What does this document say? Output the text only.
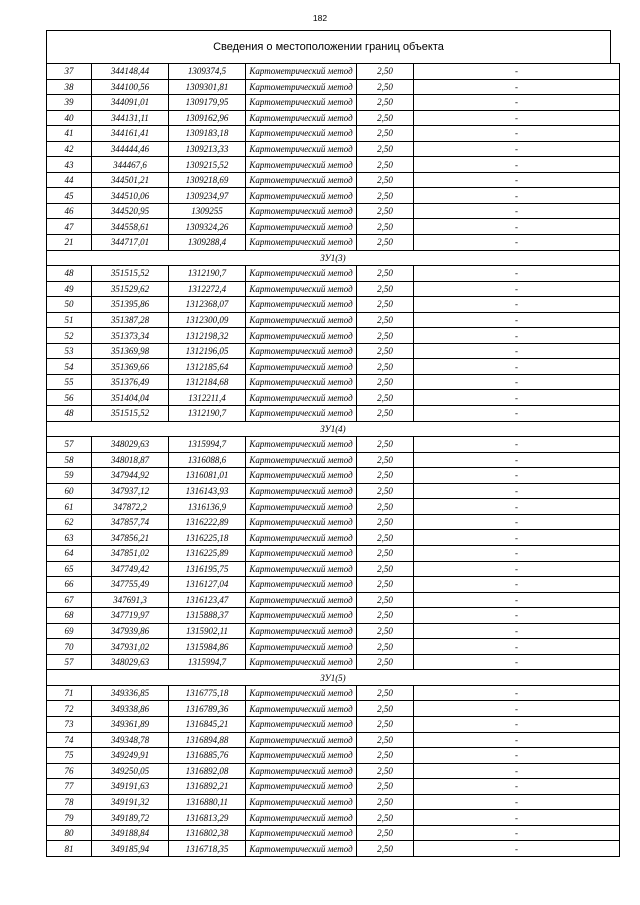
182
Сведения о местоположении границ объекта
37	344148,44	1309374,5	Картометрический метод	2,50	-
38	344100,56	1309301,81	Картометрический метод	2,50	-
39	344091,01	1309179,95	Картометрический метод	2,50	-
40	344131,11	1309162,96	Картометрический метод	2,50	-
41	344161,41	1309183,18	Картометрический метод	2,50	-
42	344444,46	1309213,33	Картометрический метод	2,50	-
43	344467,6	1309215,52	Картометрический метод	2,50	-
44	344501,21	1309218,69	Картометрический метод	2,50	-
45	344510,06	1309234,97	Картометрический метод	2,50	-
46	344520,95	1309255	Картометрический метод	2,50	-
47	344558,61	1309324,26	Картометрический метод	2,50	-
21	344717,01	1309288,4	Картометрический метод	2,50	-
ЗУ1(3)					
48	351515,52	1312190,7	Картометрический метод	2,50	-
49	351529,62	1312272,4	Картометрический метод	2,50	-
50	351395,86	1312368,07	Картометрический метод	2,50	-
51	351387,28	1312300,09	Картометрический метод	2,50	-
52	351373,34	1312198,32	Картометрический метод	2,50	-
53	351369,98	1312196,05	Картометрический метод	2,50	-
54	351369,66	1312185,64	Картометрический метод	2,50	-
55	351376,49	1312184,68	Картометрический метод	2,50	-
56	351404,04	1312211,4	Картометрический метод	2,50	-
48	351515,52	1312190,7	Картометрический метод	2,50	-
ЗУ1(4)					
57	348029,63	1315994,7	Картометрический метод	2,50	-
58	348018,87	1316088,6	Картометрический метод	2,50	-
59	347944,92	1316081,01	Картометрический метод	2,50	-
60	347937,12	1316143,93	Картометрический метод	2,50	-
61	347872,2	1316136,9	Картометрический метод	2,50	-
62	347857,74	1316222,89	Картометрический метод	2,50	-
63	347856,21	1316225,18	Картометрический метод	2,50	-
64	347851,02	1316225,89	Картометрический метод	2,50	-
65	347749,42	1316195,75	Картометрический метод	2,50	-
66	347755,49	1316127,04	Картометрический метод	2,50	-
67	347691,3	1316123,47	Картометрический метод	2,50	-
68	347719,97	1315888,37	Картометрический метод	2,50	-
69	347939,86	1315902,11	Картометрический метод	2,50	-
70	347931,02	1315984,86	Картометрический метод	2,50	-
57	348029,63	1315994,7	Картометрический метод	2,50	-
ЗУ1(5)					
71	349336,85	1316775,18	Картометрический метод	2,50	-
72	349338,86	1316789,36	Картометрический метод	2,50	-
73	349361,89	1316845,21	Картометрический метод	2,50	-
74	349348,78	1316894,88	Картометрический метод	2,50	-
75	349249,91	1316885,76	Картометрический метод	2,50	-
76	349250,05	1316892,08	Картометрический метод	2,50	-
77	349191,63	1316892,21	Картометрический метод	2,50	-
78	349191,32	1316880,11	Картометрический метод	2,50	-
79	349189,72	1316813,29	Картометрический метод	2,50	-
80	349188,84	1316802,38	Картометрический метод	2,50	-
81	349185,94	1316718,35	Картометрический метод	2,50	-
